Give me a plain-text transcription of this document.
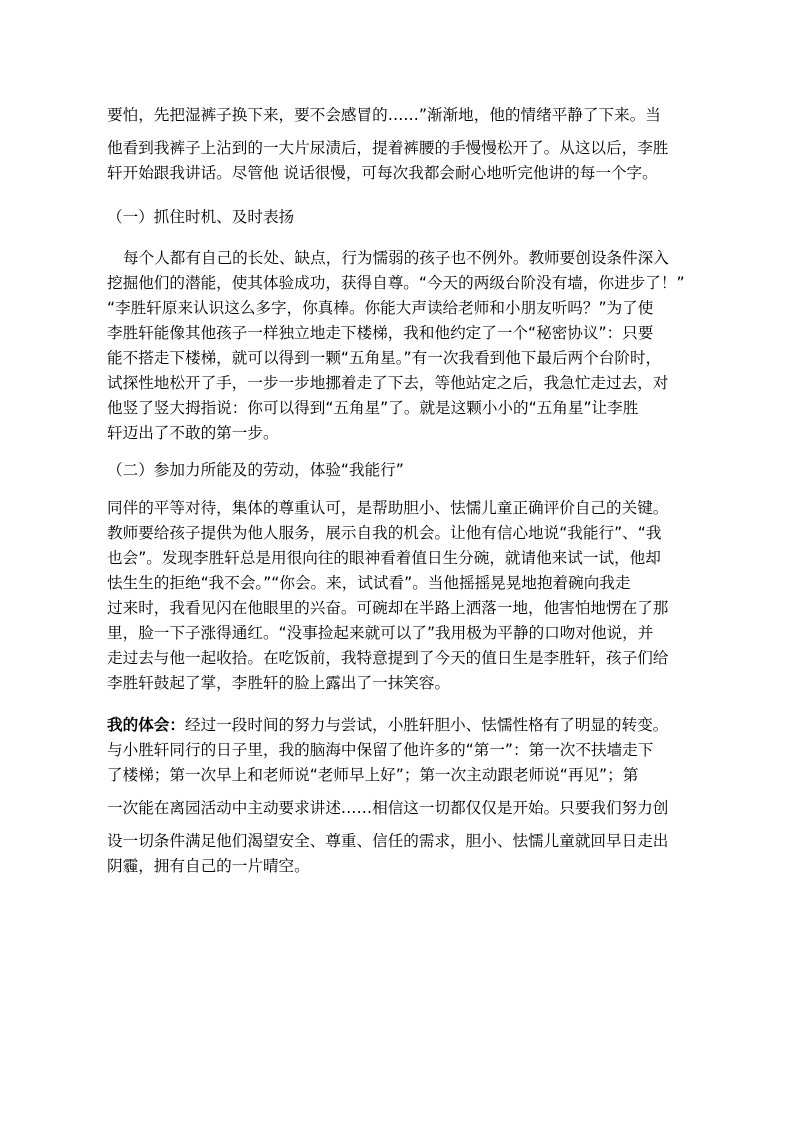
要怕，先把湿裤子换下来，要不会感冒的……”渐渐地，他的情绪平静了下来。当

他看到我裤子上沾到的一大片尿渍后，提着裤腰的手慢慢松开了。从这以后，李胜

轩开始跟我讲话。尽管他 说话很慢，可每次我都会耐心地听完他讲的每一个字。

（一）抓住时机、及时表扬

每个人都有自己的长处、缺点，行为懦弱的孩子也不例外。教师要创设条件深入

挖掘他们的潜能，使其体验成功，获得自尊。“今天的两级台阶没有墙，你进步了！”

“李胜轩原来认识这么多字，你真棒。你能大声读给老师和小朋友听吗？”为了使

李胜轩能像其他孩子一样独立地走下楼梯，我和他约定了一个“秘密协议”：只要

能不搭走下楼梯，就可以得到一颗“五角星。”有一次我看到他下最后两个台阶时，

试探性地松开了手，一步一步地挪着走了下去，等他站定之后，我急忙走过去，对

他竖了竖大拇指说：你可以得到“五角星”了。就是这颗小小的“五角星”让李胜

轩迈出了不敢的第一步。

（二）参加力所能及的劳动，体验“我能行”

同伴的平等对待，集体的尊重认可，是帮助胆小、怯懦儿童正确评价自己的关键。

教师要给孩子提供为他人服务，展示自我的机会。让他有信心地说“我能行”、“我

也会”。发现李胜轩总是用很向往的眼神看着值日生分碗，就请他来试一试，他却

怯生生的拒绝“我不会。”“你会。来，试试看”。当他摇摇晃晃地抱着碗向我走

过来时，我看见闪在他眼里的兴奋。可碗却在半路上洒落一地，他害怕地愣在了那

里，脸一下子涨得通红。“没事捡起来就可以了”我用极为平静的口吻对他说，并

走过去与他一起收拾。在吃饭前，我特意提到了今天的值日生是李胜轩，孩子们给

李胜轩鼓起了掌，李胜轩的脸上露出了一抹笑容。

我的体会：经过一段时间的努力与尝试，小胜轩胆小、怯懦性格有了明显的转变。

与小胜轩同行的日子里，我的脑海中保留了他许多的“第一”：第一次不扶墙走下

了楼梯；第一次早上和老师说“老师早上好”；第一次主动跟老师说“再见”；第

一次能在离园活动中主动要求讲述……相信这一切都仅仅是开始。只要我们努力创

设一切条件满足他们渴望安全、尊重、信任的需求，胆小、怯懦儿童就回早日走出

阴霾，拥有自己的一片晴空。
